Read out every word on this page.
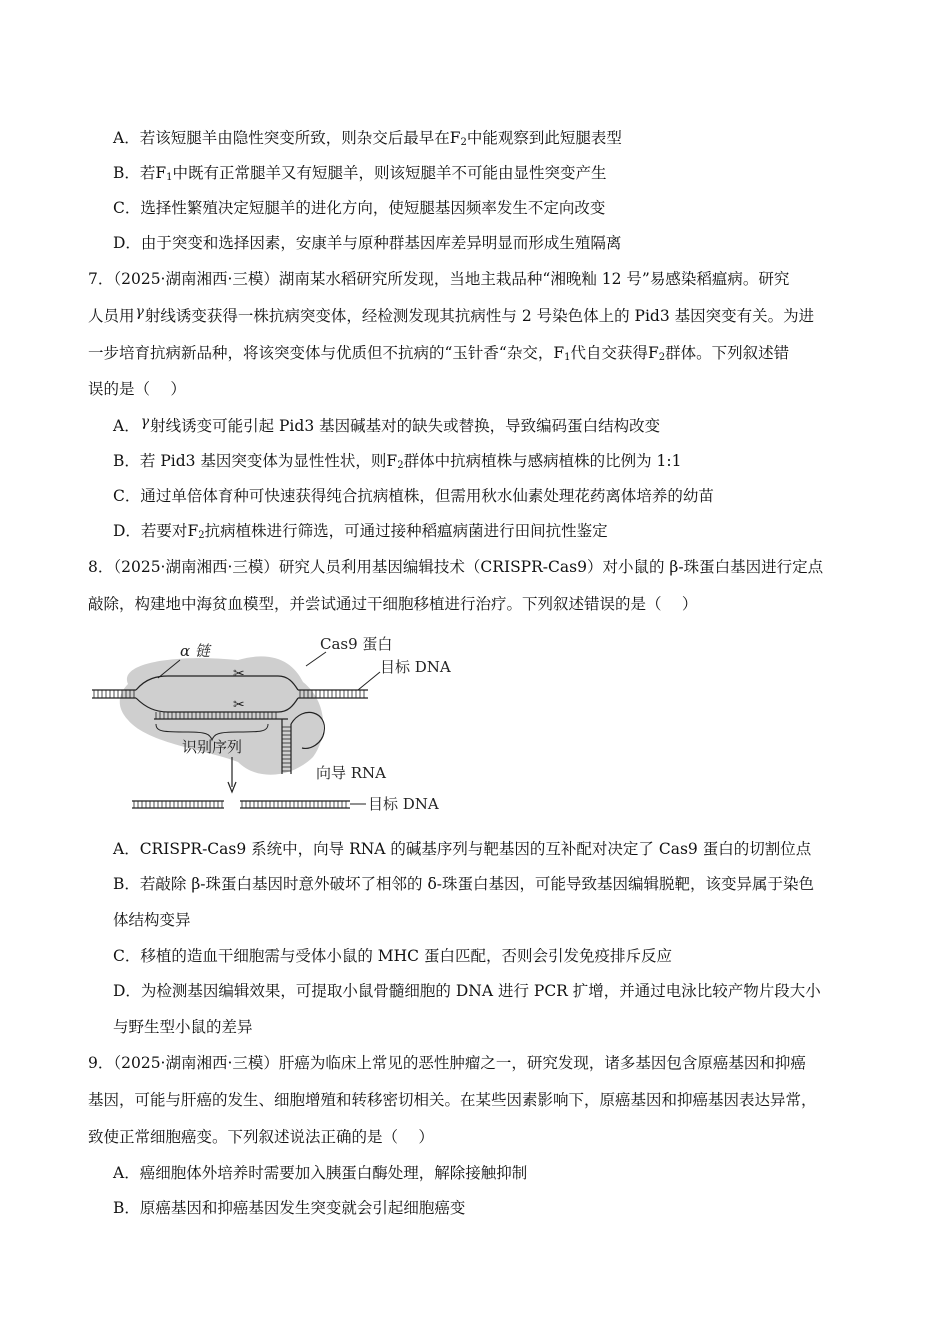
A．若该短腿羊由隐性突变所致，则杂交后最早在$F_2$中能观察到此短腿表型
B．若$F_1$中既有正常腿羊又有短腿羊，则该短腿羊不可能由显性突变产生
C．选择性繁殖决定短腿羊的进化方向，使短腿基因频率发生不定向改变
D．由于突变和选择因素，安康羊与原种群基因库差异明显而形成生殖隔离
7．（2025·湖南湘西·三模）湖南某水稻研究所发现，当地主栽品种“湘晚籼 12 号”易感染稻瘟病。研究
人员用γ射线诱变获得一株抗病突变体，经检测发现其抗病性与 2 号染色体上的 Pid3 基因突变有关。为进
一步培育抗病新品种，将该突变体与优质但不抗病的“玉针香“杂交，$F_1$代自交获得$F_2$群体。下列叙述错
误的是（　 ）
A．γ射线诱变可能引起 Pid3 基因碱基对的缺失或替换，导致编码蛋白结构改变
B．若 Pid3 基因突变体为显性性状，则$F_2$群体中抗病植株与感病植株的比例为 1:1
C．通过单倍体育种可快速获得纯合抗病植株，但需用秋水仙素处理花药离体培养的幼苗
D．若要对$F_2$抗病植株进行筛选，可通过接种稻瘟病菌进行田间抗性鉴定
8．（2025·湖南湘西·三模）研究人员利用基因编辑技术（CRISPR-Cas9）对小鼠的 β-珠蛋白基因进行定点
敲除，构建地中海贫血模型，并尝试通过干细胞移植进行治疗。下列叙述错误的是（　 ）
✂
✂
α 链	Cas9 蛋白
目标 DNA
识别序列
向导 RNA
目标 DNA
A．CRISPR-Cas9 系统中，向导 RNA 的碱基序列与靶基因的互补配对决定了 Cas9 蛋白的切割位点
B．若敲除 β-珠蛋白基因时意外破坏了相邻的 δ-珠蛋白基因，可能导致基因编辑脱靶，该变异属于染色
体结构变异
C．移植的造血干细胞需与受体小鼠的 MHC 蛋白匹配，否则会引发免疫排斥反应
D．为检测基因编辑效果，可提取小鼠骨髓细胞的 DNA 进行 PCR 扩增，并通过电泳比较产物片段大小
与野生型小鼠的差异
9．（2025·湖南湘西·三模）肝癌为临床上常见的恶性肿瘤之一，研究发现，诸多基因包含原癌基因和抑癌
基因，可能与肝癌的发生、细胞增殖和转移密切相关。在某些因素影响下，原癌基因和抑癌基因表达异常，
致使正常细胞癌变。下列叙述说法正确的是（　 ）
A．癌细胞体外培养时需要加入胰蛋白酶处理，解除接触抑制
B．原癌基因和抑癌基因发生突变就会引起细胞癌变
